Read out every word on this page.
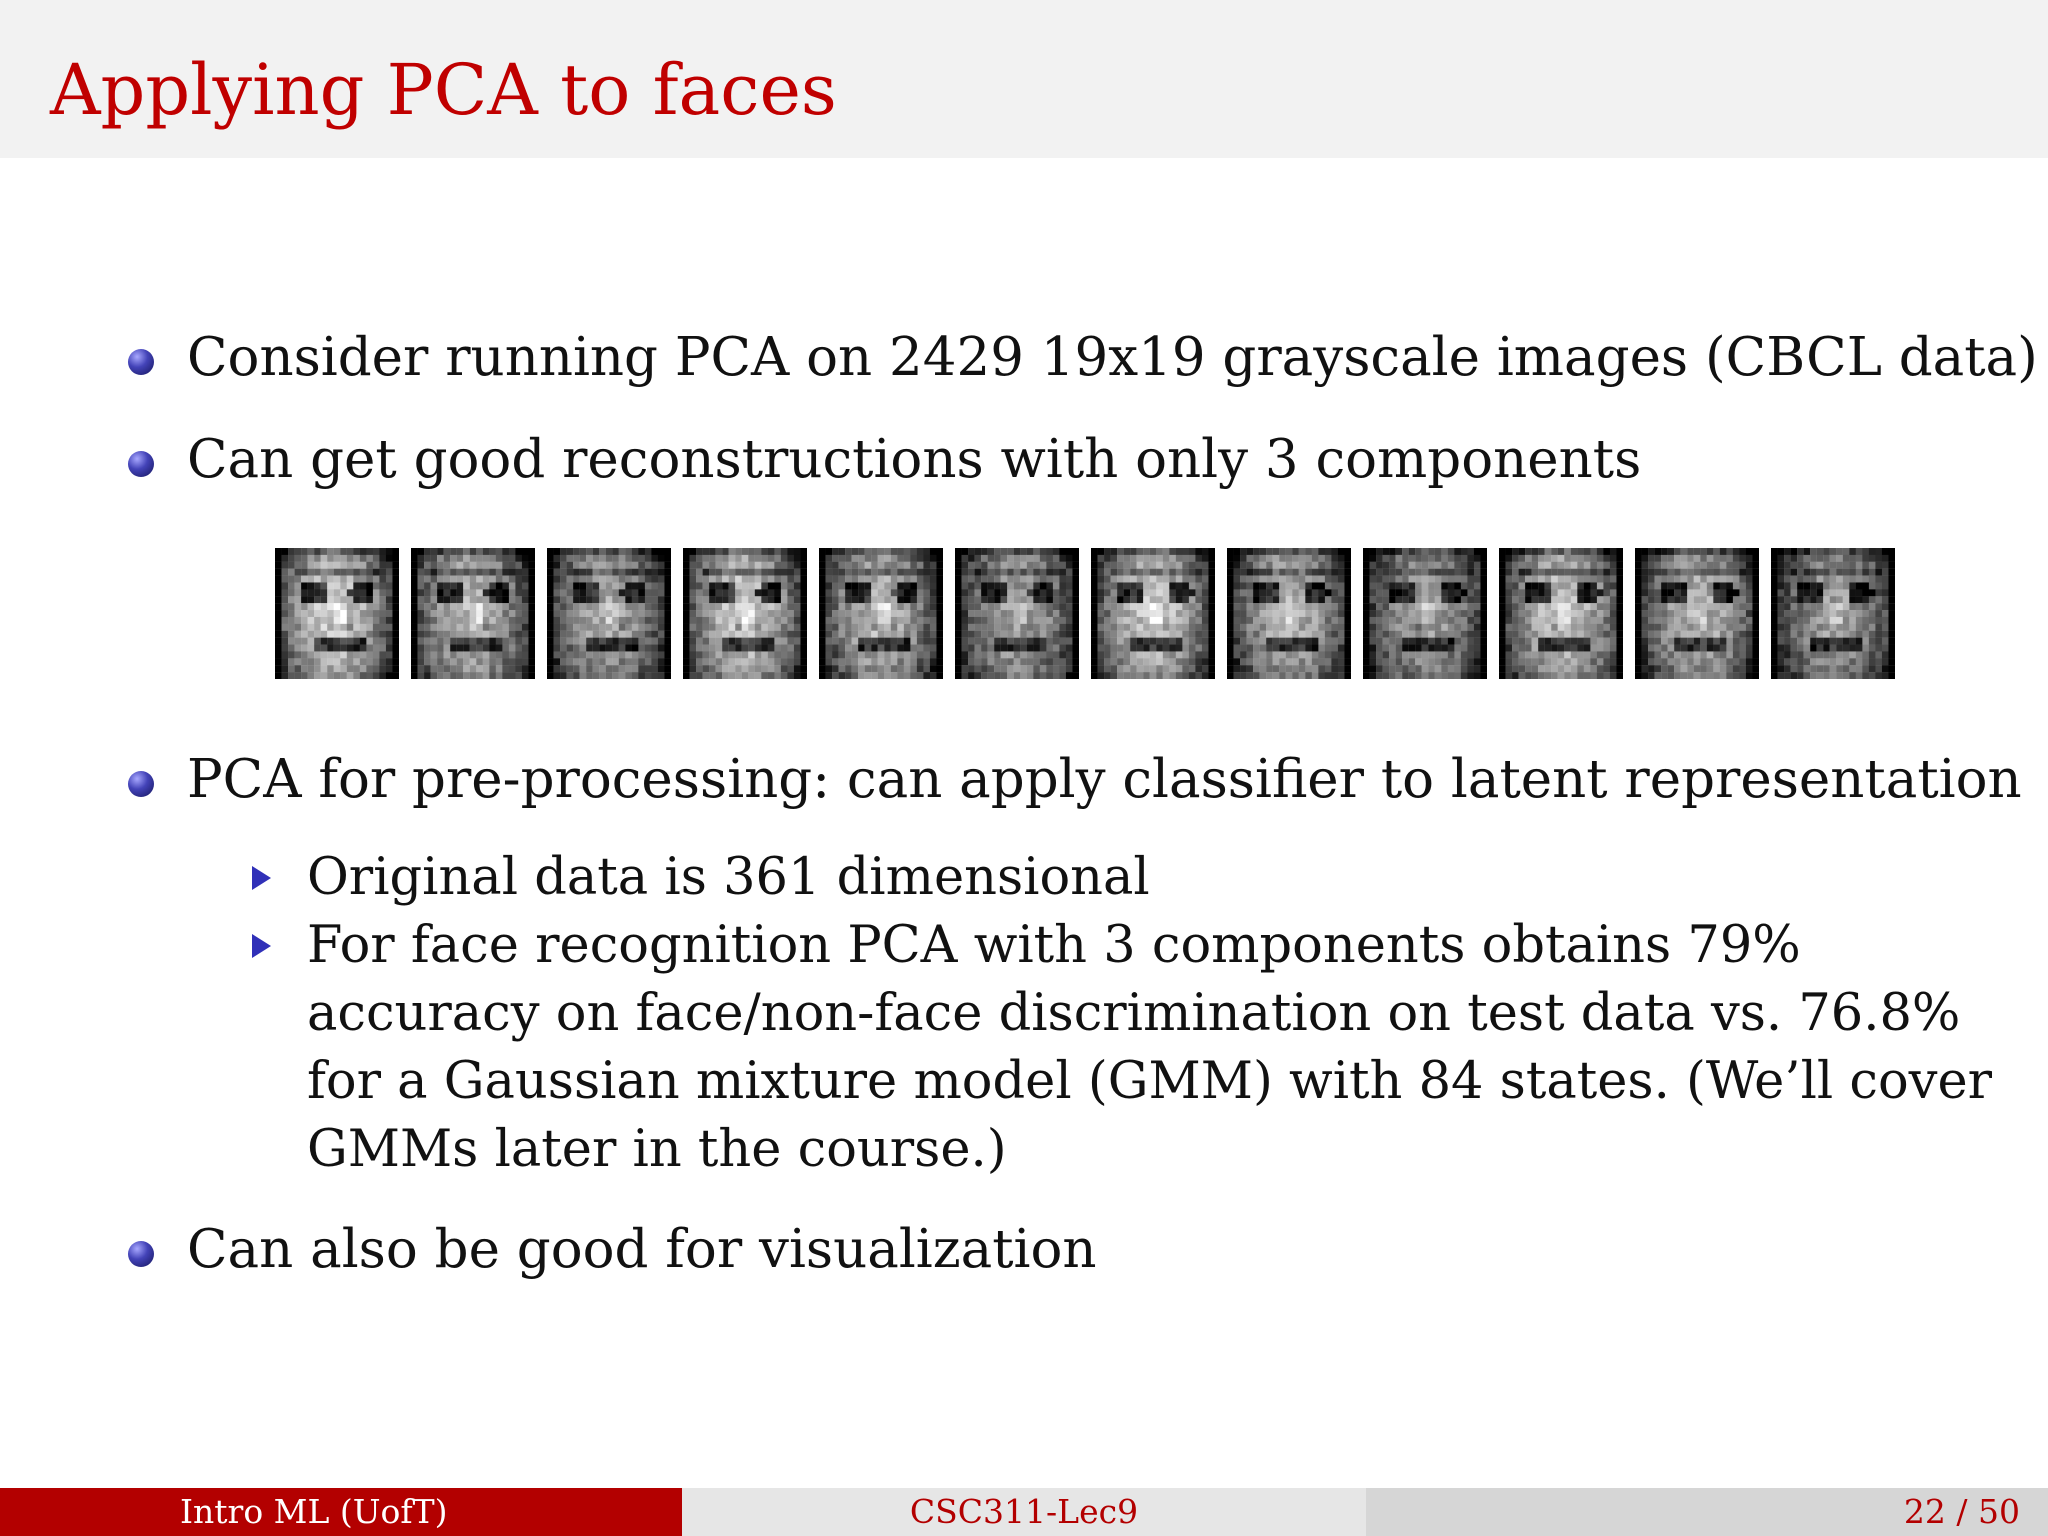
Applying PCA to faces
Consider running PCA on 2429 19x19 grayscale images (CBCL data)
Can get good reconstructions with only 3 components
PCA for pre-processing: can apply classifier to latent representation
Original data is 361 dimensional
For face recognition PCA with 3 components obtains 79% accuracy on face/non-face discrimination on test data vs. 76.8% for a Gaussian mixture model (GMM) with 84 states. (We’ll cover GMMs later in the course.)
Can also be good for visualization
Intro ML (UofT)	CSC311-Lec9	22 / 50
